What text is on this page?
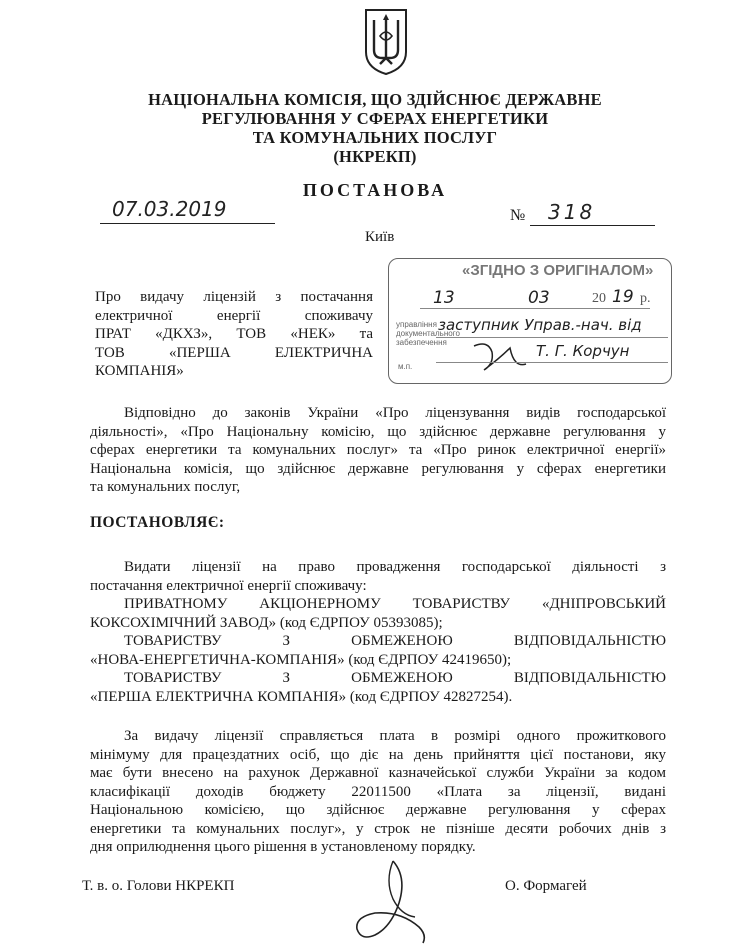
НАЦІОНАЛЬНА КОМІСІЯ, ЩО ЗДІЙСНЮЄ ДЕРЖАВНЕ
РЕГУЛЮВАННЯ У СФЕРАХ ЕНЕРГЕТИКИ
ТА КОМУНАЛЬНИХ ПОСЛУГ
(НКРЕКП)
ПОСТАНОВА
07.03.2019	№ 318
Київ
Про видачу ліцензій з постачання
електричної енергії споживачу
ПРАТ «ДКХЗ», ТОВ «НЕК» та
ТОВ «ПЕРША ЕЛЕКТРИЧНА
КОМПАНІЯ»
«ЗГІДНО З ОРИГІНАЛОМ»
управління
документального
забезпечення
м.п.
13	03	20 19 р.
заступник Управ.-нач. від
Т. Г. Корчун
Відповідно до законів України «Про ліцензування видів господарської
діяльності», «Про Національну комісію, що здійснює державне регулювання у
сферах енергетики та комунальних послуг» та «Про ринок електричної енергії»
Національна комісія, що здійснює державне регулювання у сферах енергетики
та комунальних послуг,
ПОСТАНОВЛЯЄ:
Видати ліцензії на право провадження господарської діяльності з
постачання електричної енергії споживачу:
ПРИВАТНОМУ АКЦІОНЕРНОМУ ТОВАРИСТВУ «ДНІПРОВСЬКИЙ
КОКСОХІМІЧНИЙ ЗАВОД» (код ЄДРПОУ 05393085);
ТОВАРИСТВУ З ОБМЕЖЕНОЮ ВІДПОВІДАЛЬНІСТЮ
«НОВА-ЕНЕРГЕТИЧНА-КОМПАНІЯ» (код ЄДРПОУ 42419650);
ТОВАРИСТВУ З ОБМЕЖЕНОЮ ВІДПОВІДАЛЬНІСТЮ
«ПЕРША ЕЛЕКТРИЧНА КОМПАНІЯ» (код ЄДРПОУ 42827254).
За видачу ліцензії справляється плата в розмірі одного прожиткового
мінімуму для працездатних осіб, що діє на день прийняття цієї постанови, яку
має бути внесено на рахунок Державної казначейської служби України за кодом
класифікації доходів бюджету 22011500 «Плата за ліцензії, видані
Національною комісією, що здійснює державне регулювання у сферах
енергетики та комунальних послуг», у строк не пізніше десяти робочих днів з
дня оприлюднення цього рішення в установленому порядку.
Т. в. о. Голови НКРЕКП	О. Формагей
